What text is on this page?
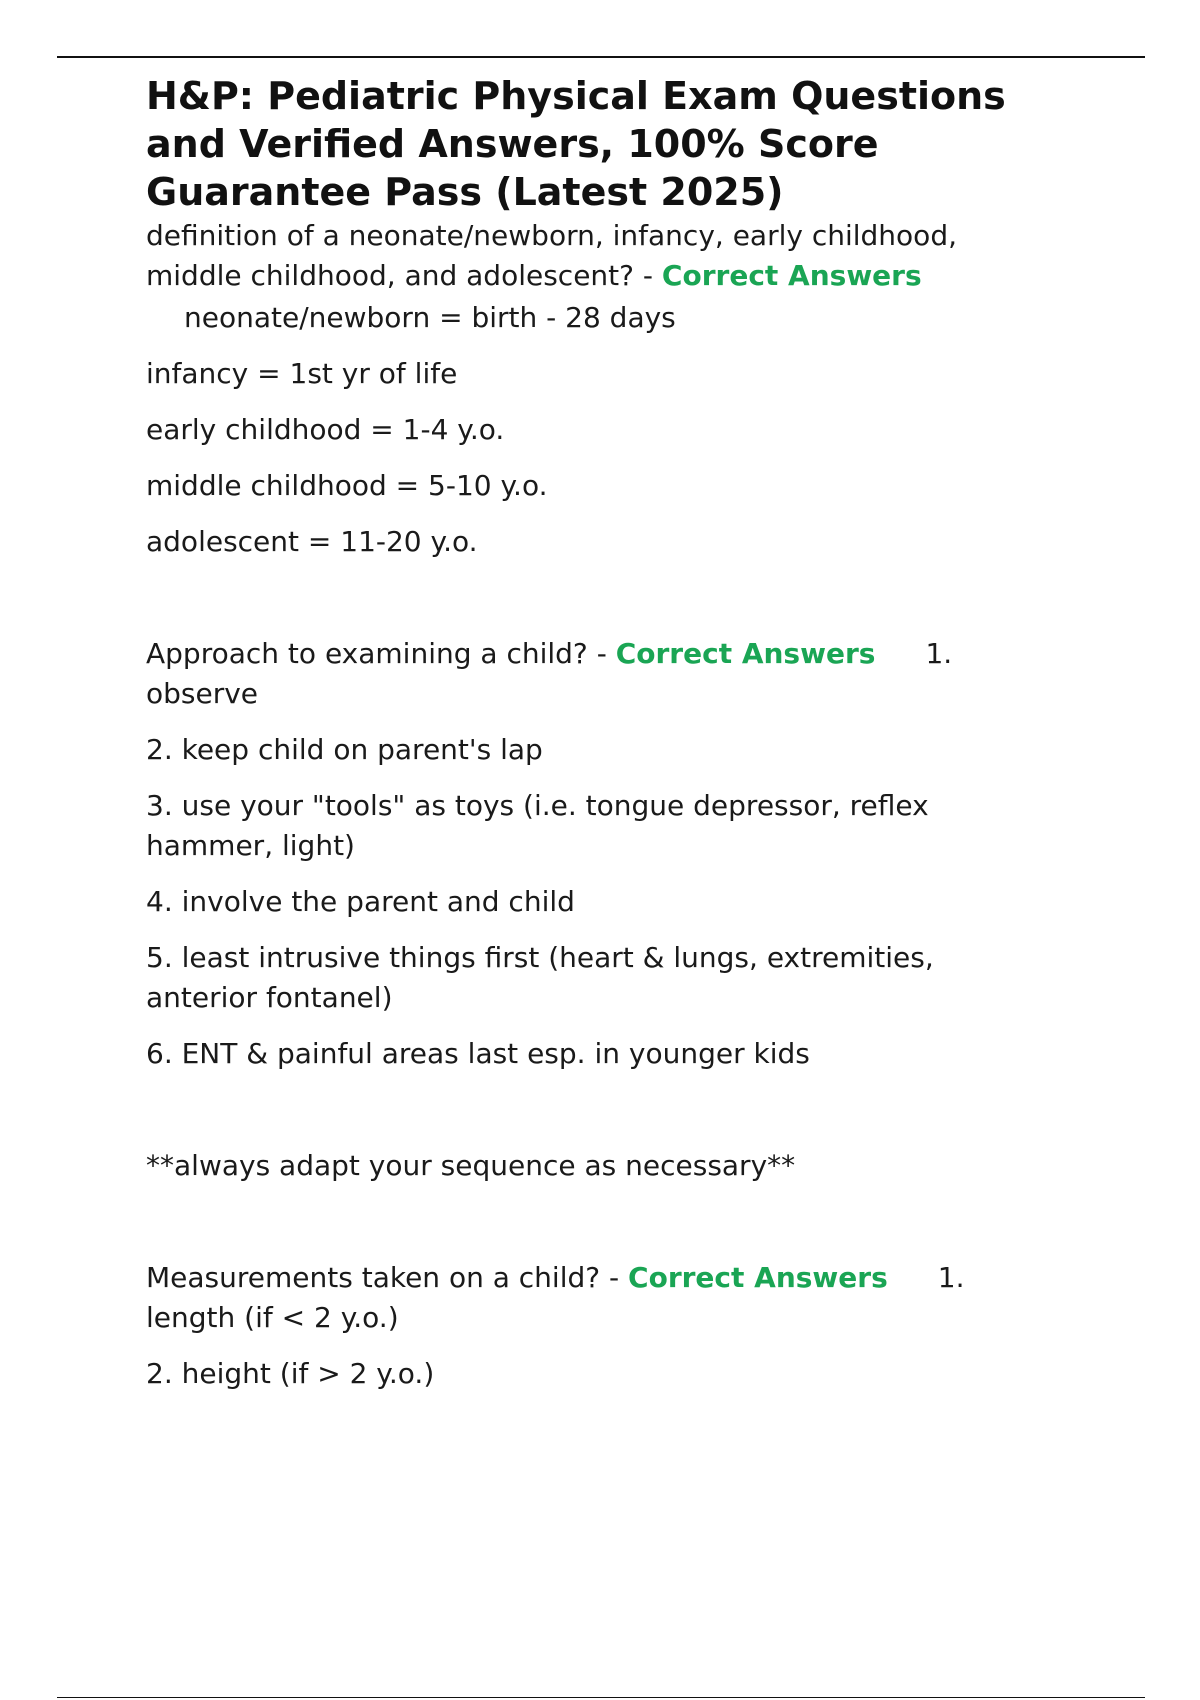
H&P: Pediatric Physical Exam Questions and Verified Answers, 100% Score Guarantee Pass (Latest 2025)

definition of a neonate/newborn, infancy, early childhood, middle childhood, and adolescent? - Correct Answers

neonate/newborn = birth - 28 days

infancy = 1st yr of life

early childhood = 1-4 y.o.

middle childhood = 5-10 y.o.

adolescent = 11-20 y.o.

Approach to examining a child? - Correct Answers 1.
observe

2. keep child on parent's lap

3. use your "tools" as toys (i.e. tongue depressor, reflex hammer, light)

4. involve the parent and child

5. least intrusive things first (heart & lungs, extremities, anterior fontanel)

6. ENT & painful areas last esp. in younger kids

**always adapt your sequence as necessary**

Measurements taken on a child? - Correct Answers 1.
length (if < 2 y.o.)

2. height (if > 2 y.o.)
